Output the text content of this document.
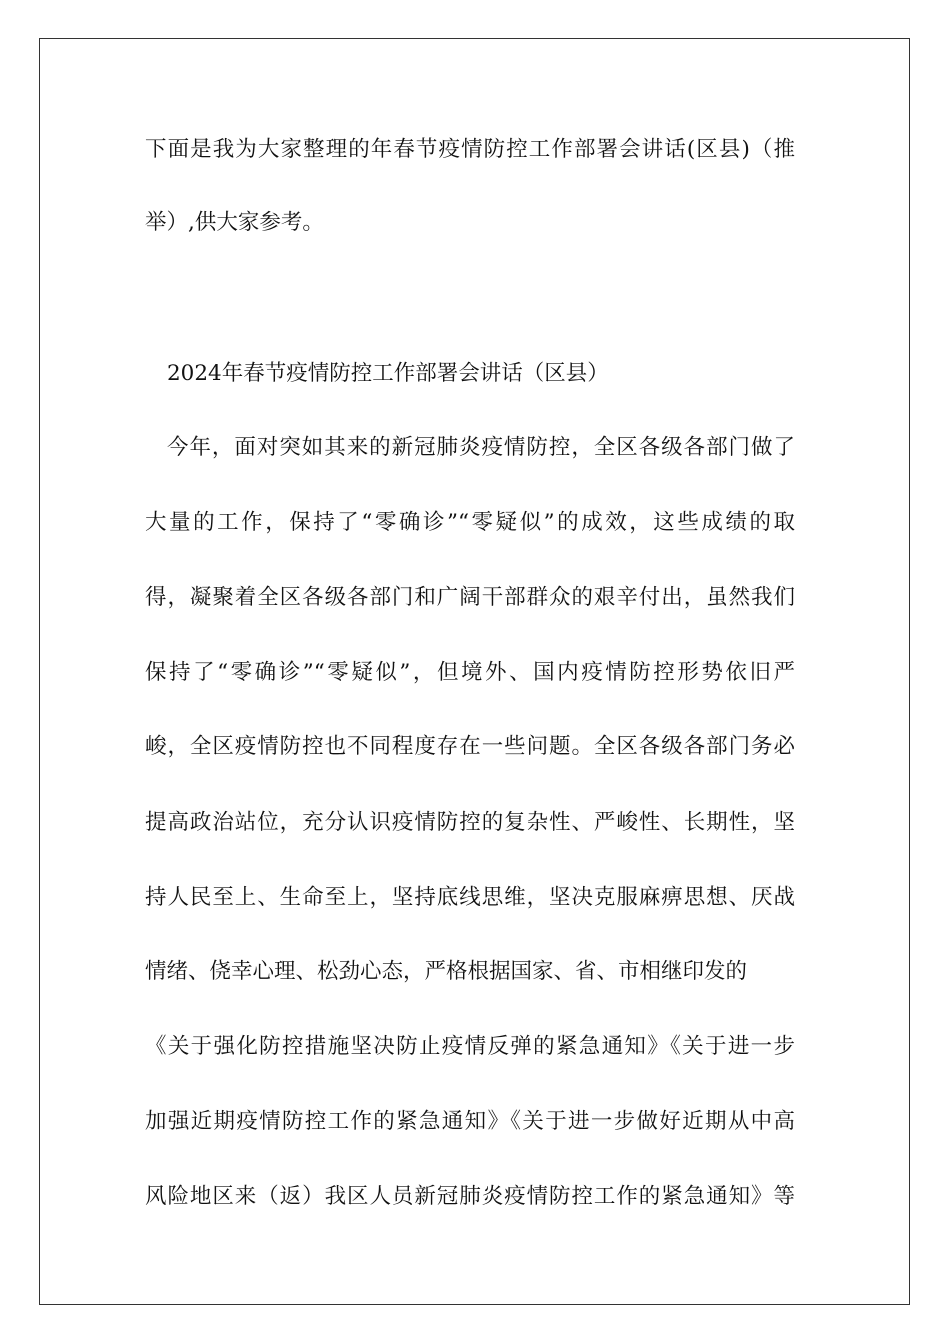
下面是我为大家整理的年春节疫情防控工作部署会讲话(区县)（推
举）,供大家参考。
2024年春节疫情防控工作部署会讲话（区县）
今年，面对突如其来的新冠肺炎疫情防控，全区各级各部门做了
大量的工作，保持了“零确诊”“零疑似”的成效，这些成绩的取
得，凝聚着全区各级各部门和广阔干部群众的艰辛付出，虽然我们
保持了“零确诊”“零疑似”，但境外、国内疫情防控形势依旧严
峻，全区疫情防控也不同程度存在一些问题。全区各级各部门务必
提高政治站位，充分认识疫情防控的复杂性、严峻性、长期性，坚
持人民至上、生命至上，坚持底线思维，坚决克服麻痹思想、厌战
情绪、侥幸心理、松劲心态，严格根据国家、省、市相继印发的
《关于强化防控措施坚决防止疫情反弹的紧急通知》《关于进一步
加强近期疫情防控工作的紧急通知》《关于进一步做好近期从中高
风险地区来（返）我区人员新冠肺炎疫情防控工作的紧急通知》等
